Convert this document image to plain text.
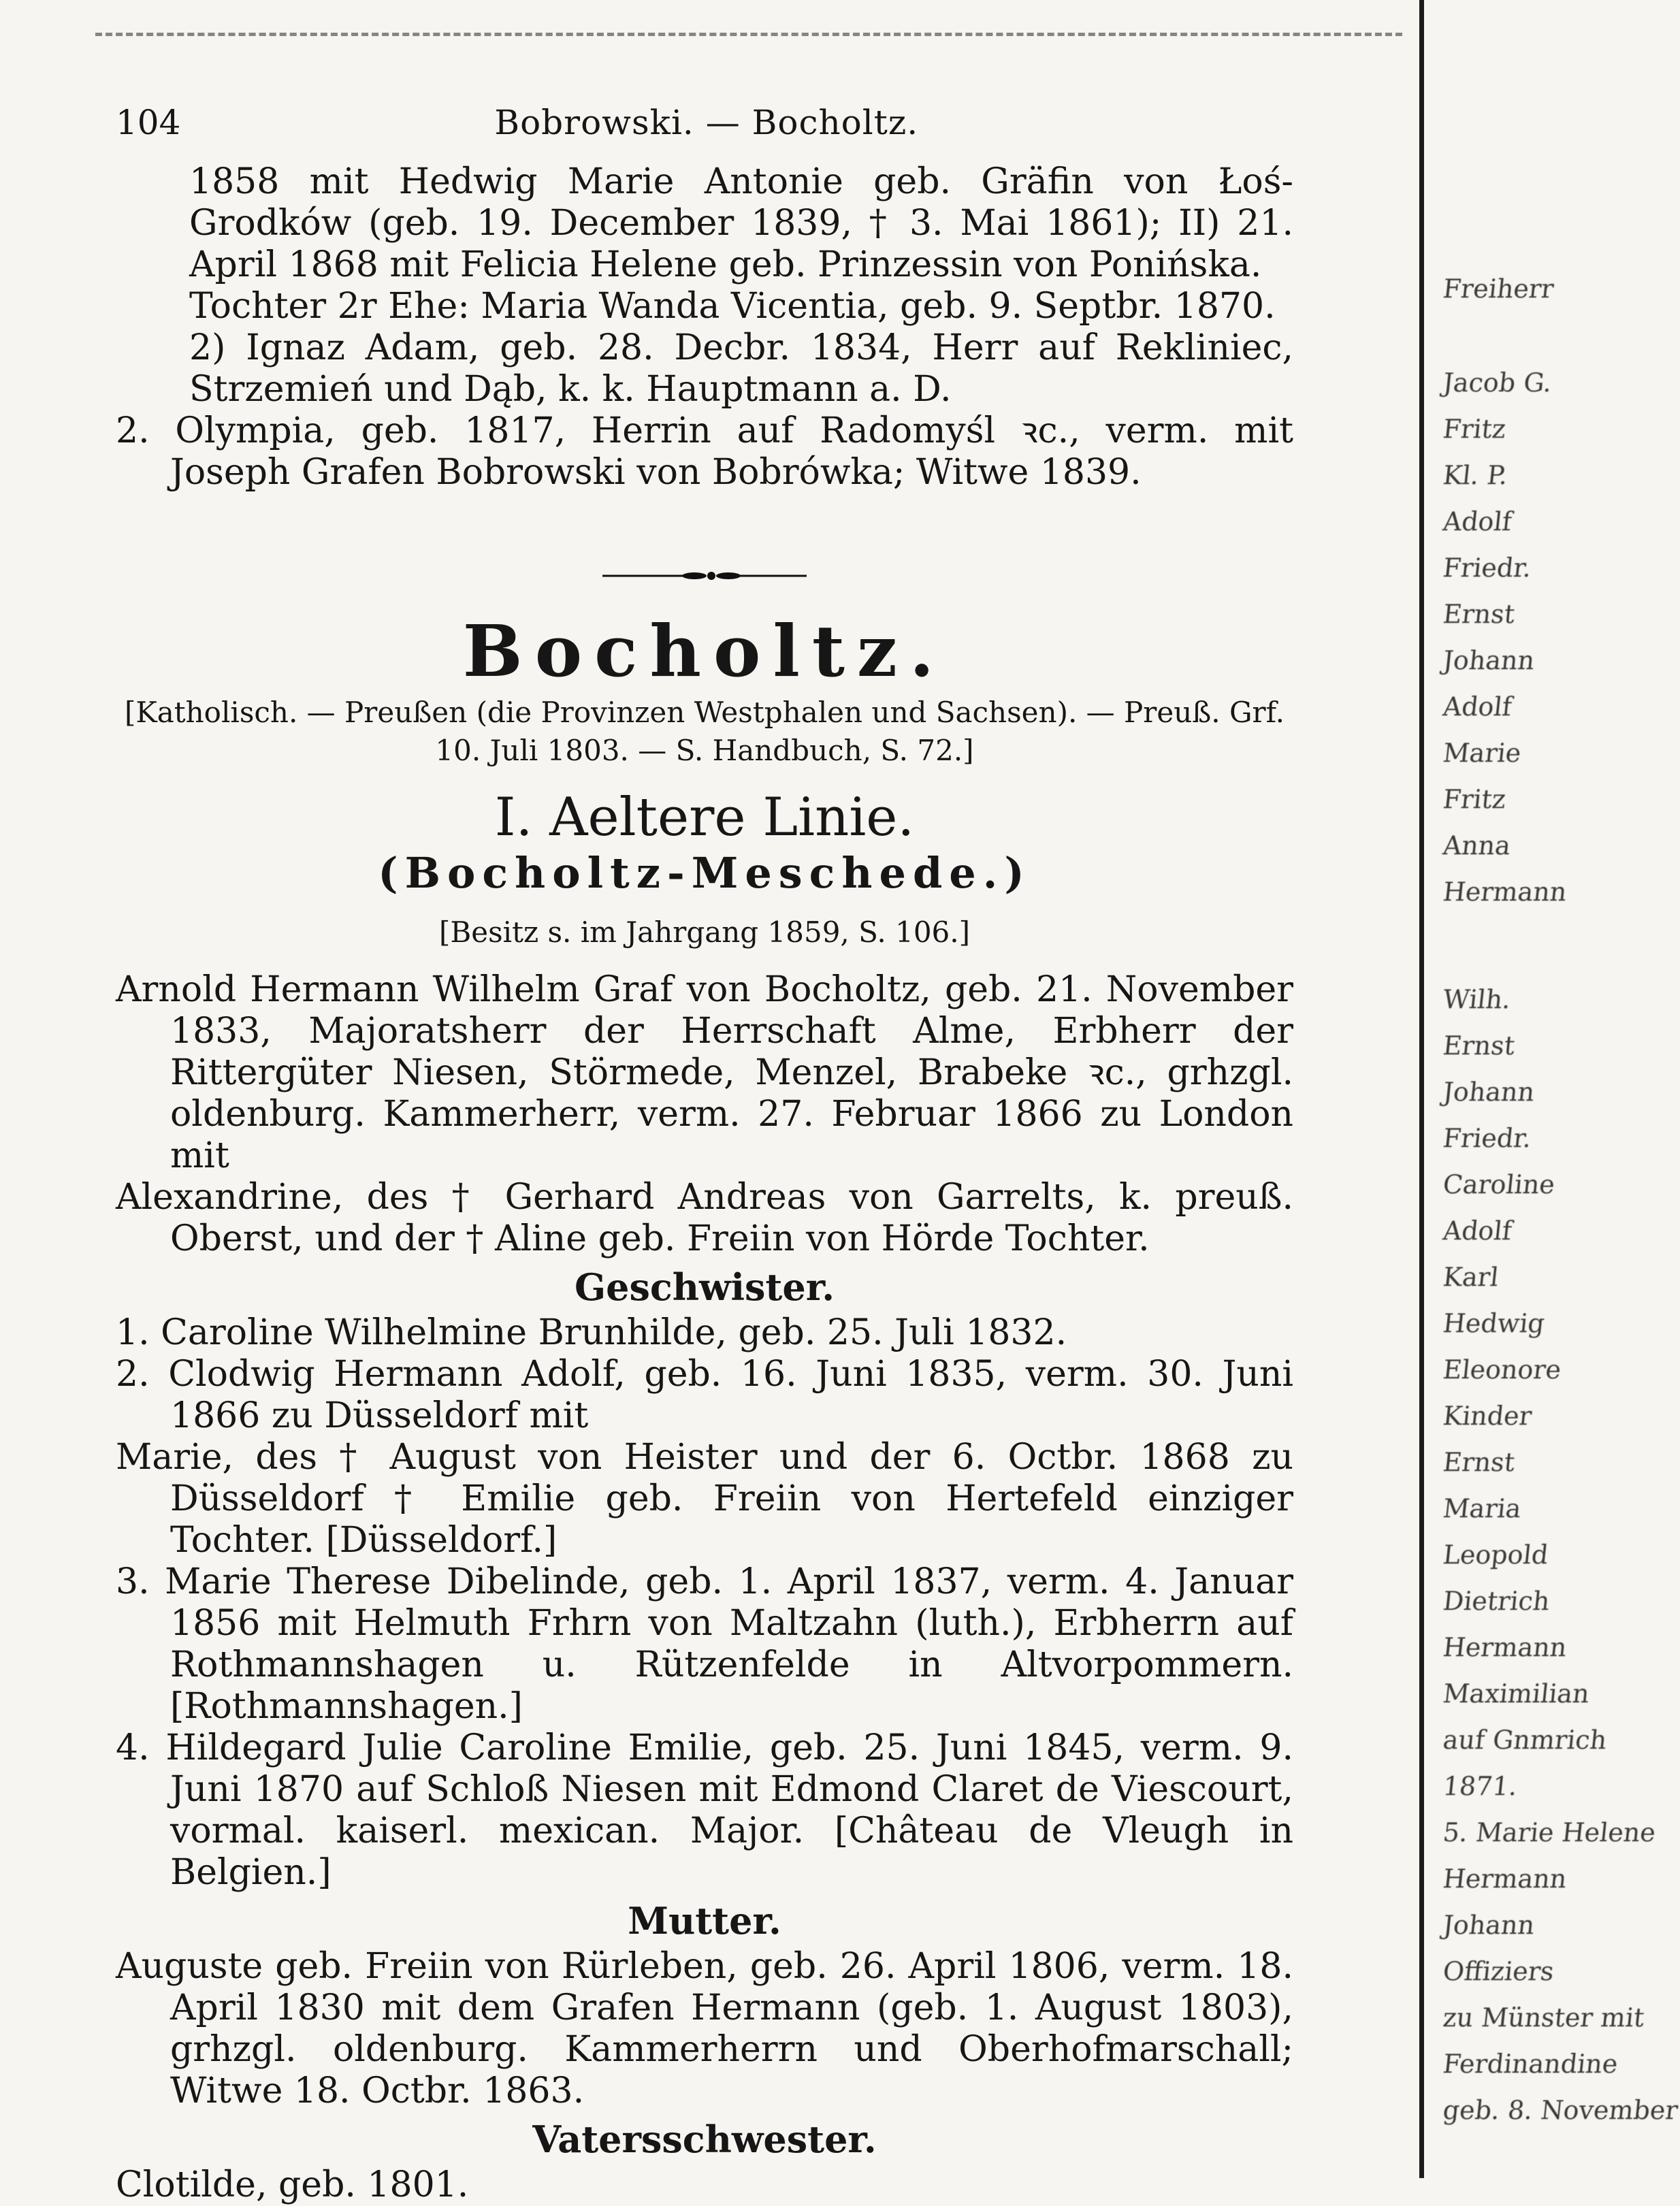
Freiherr
Jacob G.
Fritz
Kl. P.
Adolf
Friedr.
Ernst
Johann
Adolf
Marie
Fritz
Anna
Hermann
Wilh.
Ernst
Johann
Friedr.
Caroline
Adolf
Karl
Hedwig
Eleonore
Kinder
Ernst
Maria
Leopold
Dietrich
Hermann
Maximilian
auf Gnmrich
1871.
5. Marie Helene
Hermann
Johann
Offiziers
zu Münster mit
Ferdinandine
geb. 8. November
104	Bobrowski. — Bocholtz.

1858 mit Hedwig Marie Antonie geb. Gräfin von Łoś-Grodków (geb. 19. December 1839, † 3. Mai 1861); II) 21. April 1868 mit Felicia Helene geb. Prinzessin von Ponińska.

Tochter 2r Ehe: Maria Wanda Vicentia, geb. 9. Septbr. 1870.

2) Ignaz Adam, geb. 28. Decbr. 1834, Herr auf Rekliniec, Strzemień und Dąb, k. k. Hauptmann a. D.

2. Olympia, geb. 1817, Herrin auf Radomyśl ꝛc., verm. mit Joseph Grafen Bobrowski von Bobrówka; Witwe 1839.

Bocholtz.

[Katholisch. — Preußen (die Provinzen Westphalen und Sachsen). — Preuß. Grf.
10. Juli 1803. — S. Handbuch, S. 72.]

I. Aeltere Linie.
(Bocholtz-Meschede.)

[Besitz s. im Jahrgang 1859, S. 106.]

Arnold Hermann Wilhelm Graf von Bocholtz, geb. 21. November 1833, Majoratsherr der Herrschaft Alme, Erbherr der Rittergüter Niesen, Störmede, Menzel, Brabeke ꝛc., grhzgl. oldenburg. Kammerherr, verm. 27. Februar 1866 zu London mit

Alexandrine, des † Gerhard Andreas von Garrelts, k. preuß. Oberst, und der † Aline geb. Freiin von Hörde Tochter.

Geschwister.

1. Caroline Wilhelmine Brunhilde, geb. 25. Juli 1832.

2. Clodwig Hermann Adolf, geb. 16. Juni 1835, verm. 30. Juni 1866 zu Düsseldorf mit

Marie, des † August von Heister und der 6. Octbr. 1868 zu Düsseldorf † Emilie geb. Freiin von Hertefeld einziger Tochter. [Düsseldorf.]

3. Marie Therese Dibelinde, geb. 1. April 1837, verm. 4. Januar 1856 mit Helmuth Frhrn von Maltzahn (luth.), Erbherrn auf Rothmannshagen u. Rützenfelde in Altvorpommern. [Rothmannshagen.]

4. Hildegard Julie Caroline Emilie, geb. 25. Juni 1845, verm. 9. Juni 1870 auf Schloß Niesen mit Edmond Claret de Viescourt, vormal. kaiserl. mexican. Major. [Château de Vleugh in Belgien.]

Mutter.

Auguste geb. Freiin von Rürleben, geb. 26. April 1806, verm. 18. April 1830 mit dem Grafen Hermann (geb. 1. August 1803), grhzgl. oldenburg. Kammerherrn und Oberhofmarschall; Witwe 18. Octbr. 1863.

Vatersschwester.

Clotilde, geb. 1801.
